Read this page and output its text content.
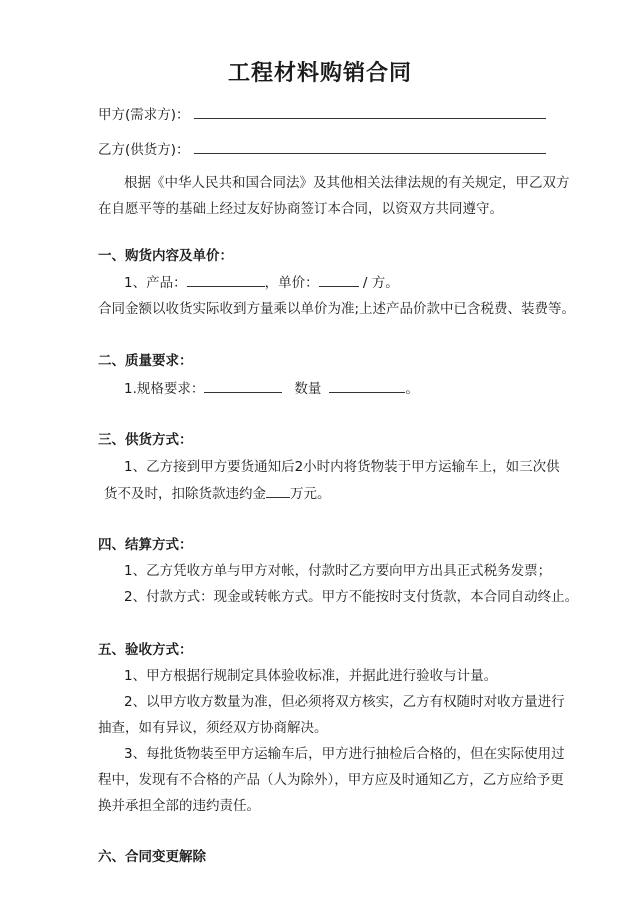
工程材料购销合同
甲方(需求方)：
乙方(供货方)：
根据《中华人民共和国合同法》及其他相关法律法规的有关规定，甲乙双方
在自愿平等的基础上经过友好协商签订本合同，以资双方共同遵守。
一、购货内容及单价：
1、产品：	，单价：	/ 方。
合同金额以收货实际收到方量乘以单价为准;上述产品价款中已含税费、装费等。
二、质量要求：
1.规格要求：	数量	。
三、供货方式：
1、乙方接到甲方要货通知后2小时内将货物装于甲方运输车上，如三次供
货不及时，扣除货款违约金 万元。
四、结算方式：
1、乙方凭收方单与甲方对帐，付款时乙方要向甲方出具正式税务发票；
2、付款方式：现金或转帐方式。甲方不能按时支付货款，本合同自动终止。
五、验收方式：
1、甲方根据行规制定具体验收标准，并据此进行验收与计量。
2、以甲方收方数量为准，但必须将双方核实，乙方有权随时对收方量进行
抽查，如有异议，须经双方协商解决。
3、每批货物装至甲方运输车后，甲方进行抽检后合格的，但在实际使用过
程中，发现有不合格的产品（人为除外），甲方应及时通知乙方，乙方应给予更
换并承担全部的违约责任。
六、合同变更解除
